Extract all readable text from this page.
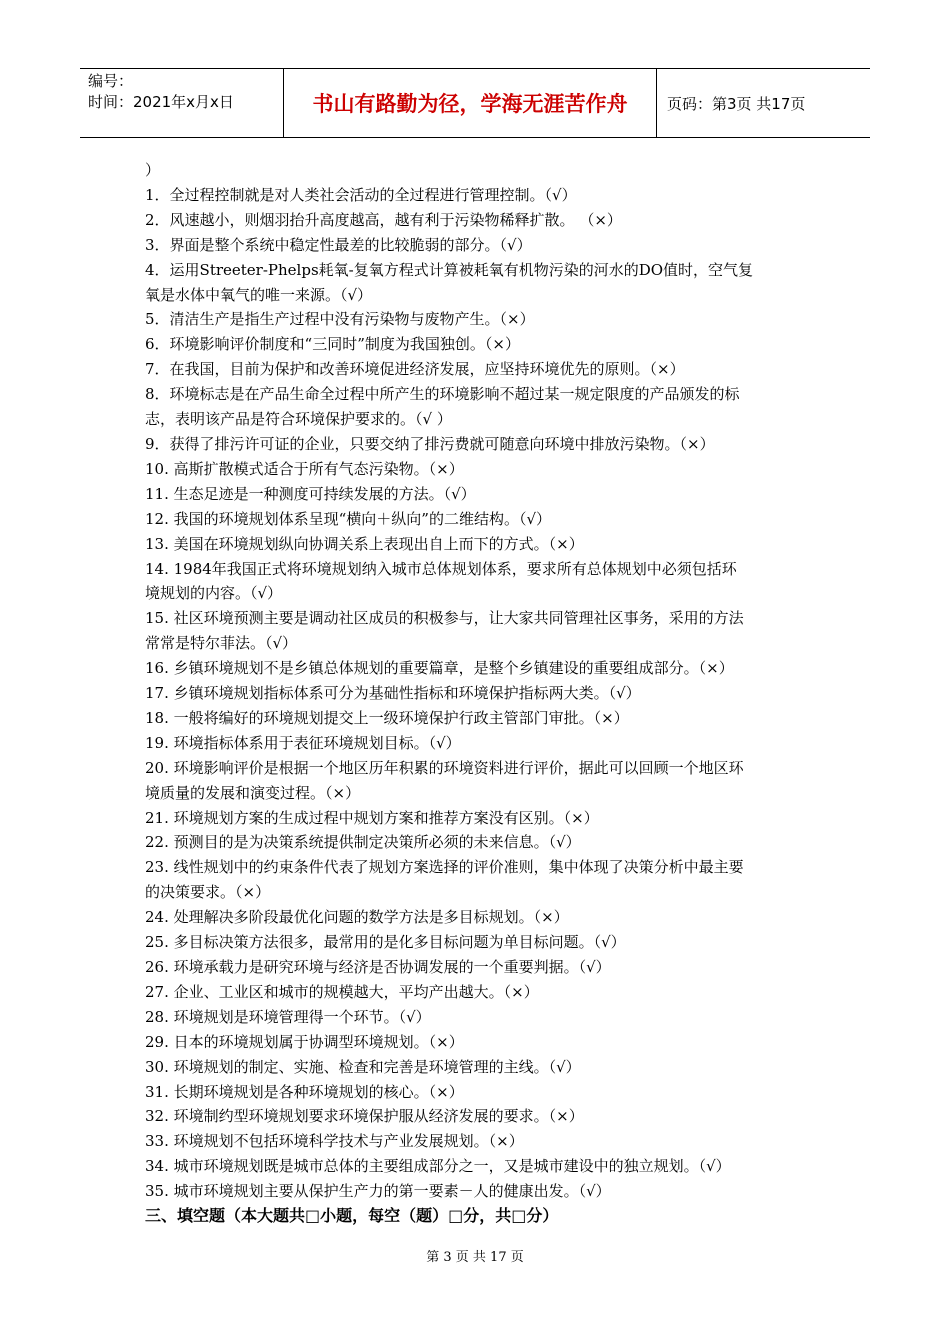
编号：
时间：2021年x月x日	书山有路勤为径，学海无涯苦作舟	页码：第3页 共17页
）
1．全过程控制就是对人类社会活动的全过程进行管理控制。（√）
2．风速越小，则烟羽抬升高度越高，越有利于污染物稀释扩散。 （×）
3．界面是整个系统中稳定性最差的比较脆弱的部分。（√）
4．运用Streeter-Phelps耗氧-复氧方程式计算被耗氧有机物污染的河水的DO值时，空气复
氧是水体中氧气的唯一来源。（√）
5．清洁生产是指生产过程中没有污染物与废物产生。（×）
6．环境影响评价制度和“三同时”制度为我国独创。（×）
7．在我国，目前为保护和改善环境促进经济发展，应坚持环境优先的原则。（×）
8．环境标志是在产品生命全过程中所产生的环境影响不超过某一规定限度的产品颁发的标
志，表明该产品是符合环境保护要求的。（√ ）
9．获得了排污许可证的企业，只要交纳了排污费就可随意向环境中排放污染物。（×）
10. 高斯扩散模式适合于所有气态污染物。（×）
11. 生态足迹是一种测度可持续发展的方法。（√）
12. 我国的环境规划体系呈现“横向＋纵向”的二维结构。（√）
13. 美国在环境规划纵向协调关系上表现出自上而下的方式。（×）
14. 1984年我国正式将环境规划纳入城市总体规划体系，要求所有总体规划中必须包括环
境规划的内容。（√）
15. 社区环境预测主要是调动社区成员的积极参与，让大家共同管理社区事务，采用的方法
常常是特尔菲法。（√）
16. 乡镇环境规划不是乡镇总体规划的重要篇章，是整个乡镇建设的重要组成部分。（×）
17. 乡镇环境规划指标体系可分为基础性指标和环境保护指标两大类。（√）
18. 一般将编好的环境规划提交上一级环境保护行政主管部门审批。（×）
19. 环境指标体系用于表征环境规划目标。（√）
20. 环境影响评价是根据一个地区历年积累的环境资料进行评价，据此可以回顾一个地区环
境质量的发展和演变过程。（×）
21. 环境规划方案的生成过程中规划方案和推荐方案没有区别。（×）
22. 预测目的是为决策系统提供制定决策所必须的未来信息。（√）
23. 线性规划中的约束条件代表了规划方案选择的评价准则，集中体现了决策分析中最主要
的决策要求。（×）
24. 处理解决多阶段最优化问题的数学方法是多目标规划。（×）
25. 多目标决策方法很多，最常用的是化多目标问题为单目标问题。（√）
26. 环境承载力是研究环境与经济是否协调发展的一个重要判据。（√）
27. 企业、工业区和城市的规模越大，平均产出越大。（×）
28. 环境规划是环境管理得一个环节。（√）
29. 日本的环境规划属于协调型环境规划。（×）
30. 环境规划的制定、实施、检查和完善是环境管理的主线。（√）
31. 长期环境规划是各种环境规划的核心。（×）
32. 环境制约型环境规划要求环境保护服从经济发展的要求。（×）
33. 环境规划不包括环境科学技术与产业发展规划。（×）
34. 城市环境规划既是城市总体的主要组成部分之一，又是城市建设中的独立规划。（√）
35. 城市环境规划主要从保护生产力的第一要素－人的健康出发。（√）
三、填空题（本大题共□小题，每空（题）□分，共□分）
第 3 页 共 17 页
